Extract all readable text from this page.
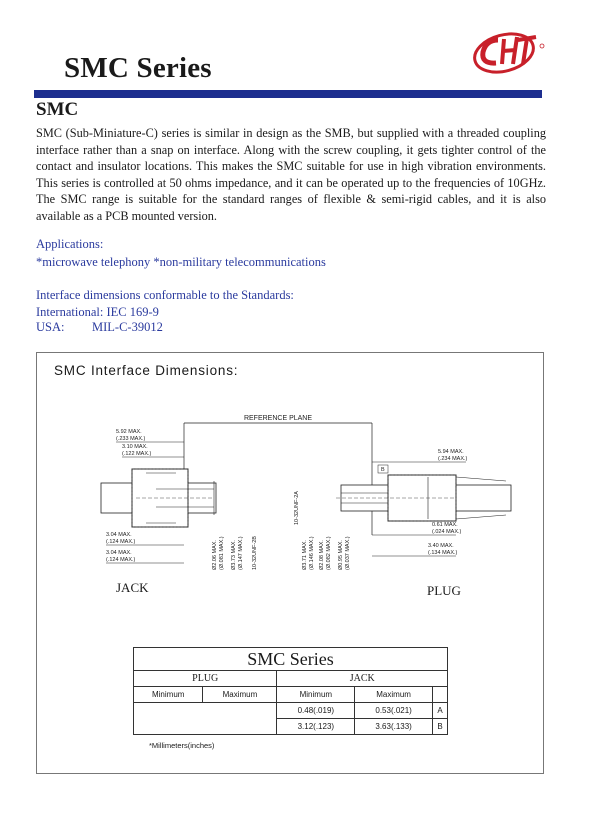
SMC Series
SMC

SMC (Sub-Miniature-C) series is similar in design as the SMB, but supplied with a threaded coupling interface rather than a snap on interface. Along with the screw coupling, it gets tighter control of the contact and insulator locations. This makes the SMC suitable for use in high vibration environments. This series is controlled at 50 ohms impedance, and it can be operated up to the frequencies of 10GHz. The SMC range is suitable for the standard ranges of flexible & semi-rigid cables, and it is also available as a PCB mounted version.

Applications:
*microwave telephony *non-military telecommunications
Interface dimensions conformable to the Standards:
International: IEC 169-9
USA: MIL-C-39012
SMC Interface Dimensions:
REFERENCE PLANE
5.92 MAX.
(.233 MAX.)
3.10 MAX.
(.122 MAX.)
3.04 MAX.
(.124 MAX.)
3.04 MAX.
(.124 MAX.)
5.94 MAX.
(.234 MAX.)
B
0.61 MAX.
(.024 MAX.)
3.40 MAX.
(.134 MAX.)
Ø2.06 MAX. (Ø.081 MAX.) Ø3.73 MAX. (Ø.147 MAX.) 10-32UNF-2B
10-32UNF-2A
Ø3.71 MAX. (Ø.146 MAX.) Ø2.08 MAX. (Ø.082 MAX.) Ø0.95 MAX. (Ø.037 MAX.)
JACK	PLUG
SMC Series				
PLUG		JACK		
Minimum	Maximum	Minimum	Maximum	
		0.48(.019)	0.53(.021)	A
		3.12(.123)	3.63(.133)	B
*Millimeters(inches)
